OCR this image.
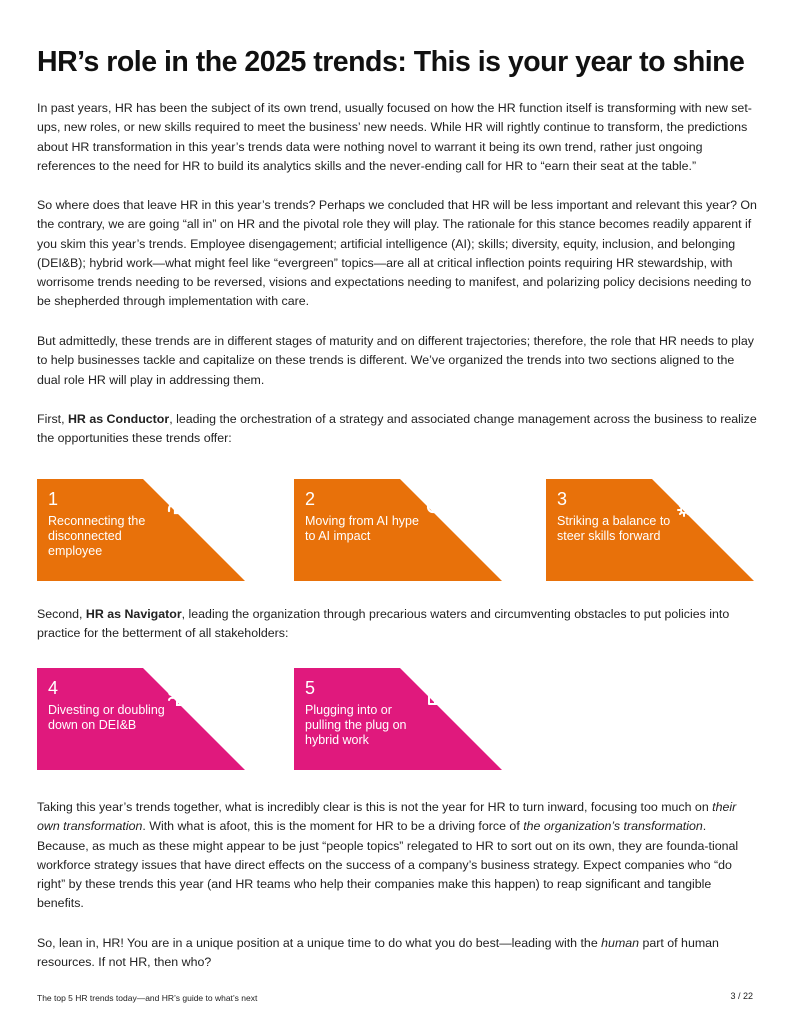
HR’s role in the 2025 trends: This is your year to shine

In past years, HR has been the subject of its own trend, usually focused on how the HR function itself is transforming with new set-ups, new roles, or new skills required to meet the business’ new needs. While HR will rightly continue to transform, the predictions about HR transformation in this year’s trends data were nothing novel to warrant it being its own trend, rather just ongoing references to the need for HR to build its analytics skills and the never-ending call for HR to “earn their seat at the table.”

So where does that leave HR in this year’s trends? Perhaps we concluded that HR will be less important and relevant this year? On the contrary, we are going “all in” on HR and the pivotal role they will play. The rationale for this stance becomes readily apparent if you skim this year’s trends. Employee disengagement; artificial intelligence (AI); skills; diversity, equity, inclusion, and belonging (DEI&B); hybrid work—what might feel like “evergreen” topics—are all at critical inflection points requiring HR stewardship, with worrisome trends needing to be reversed, visions and expectations needing to manifest, and polarizing policy decisions needing to be shepherded through implementation with care.

But admittedly, these trends are in different stages of maturity and on different trajectories; therefore, the role that HR needs to play to help businesses tackle and capitalize on these trends is different. We’ve organized the trends into two sections aligned to the dual role HR will play in addressing them.

First, HR as Conductor, leading the orchestration of a strategy and associated change management across the business to realize the opportunities these trends offer:

1
Reconnecting the disconnected employee
2
Moving from AI hype to AI impact
3
Striking a balance to steer skills forward

Second, HR as Navigator, leading the organization through precarious waters and circumventing obstacles to put policies into practice for the betterment of all stakeholders:

4
Divesting or doubling down on DEI&B
5
Plugging into or pulling the plug on hybrid work

Taking this year’s trends together, what is incredibly clear is this is not the year for HR to turn inward, focusing too much on their own transformation. With what is afoot, this is the moment for HR to be a driving force of the organization’s transformation. Because, as much as these might appear to be just “people topics” relegated to HR to sort out on its own, they are founda-tional workforce strategy issues that have direct effects on the success of a company’s business strategy. Expect companies who “do right” by these trends this year (and HR teams who help their companies make this happen) to reap significant and tangible benefits.

So, lean in, HR! You are in a unique position at a unique time to do what you do best—leading with the human part of human resources. If not HR, then who?

The top 5 HR trends today—and HR’s guide to what’s next	3 / 22
